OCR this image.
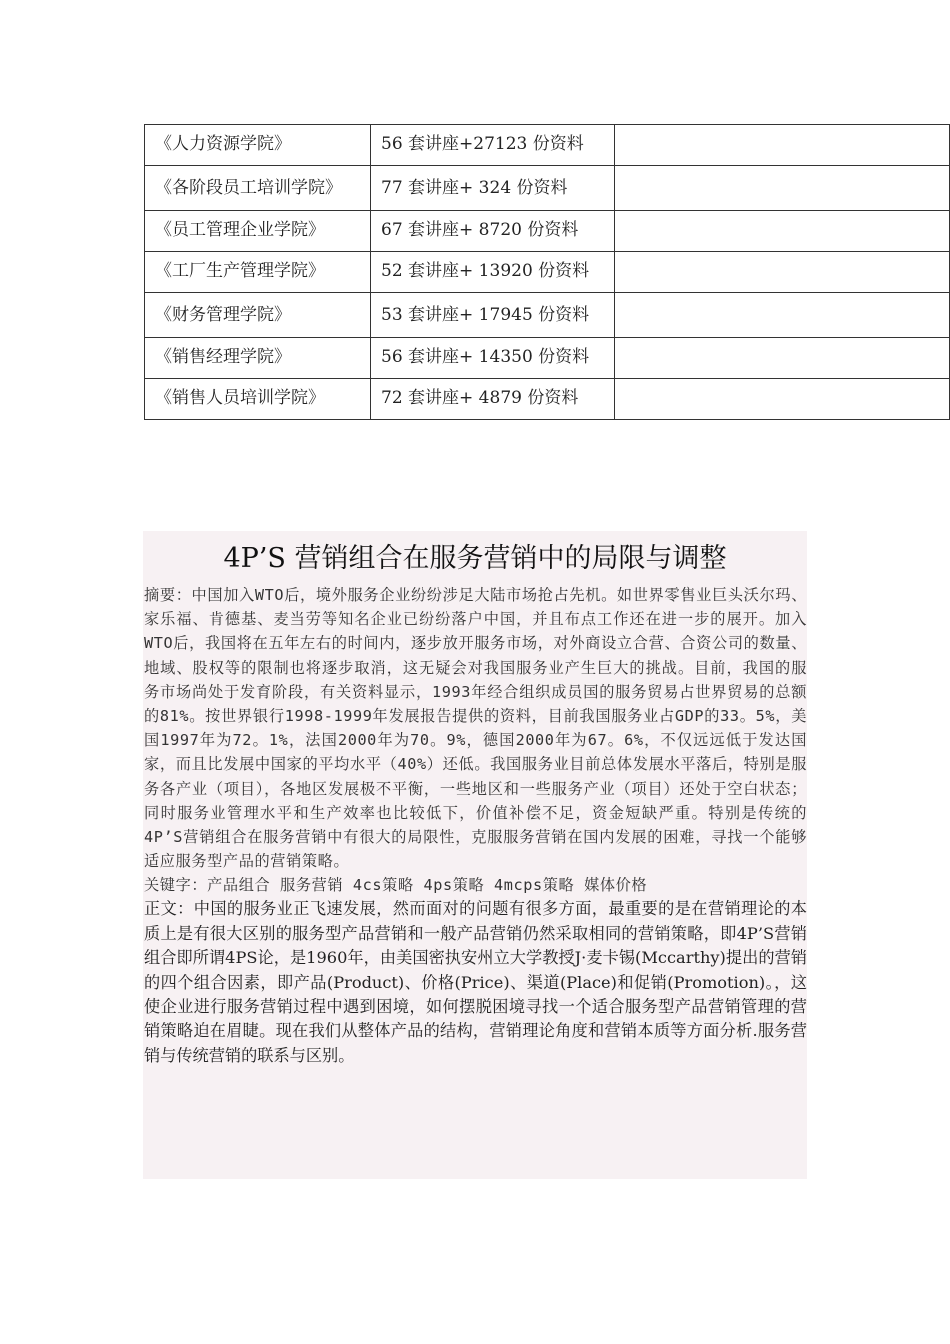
《人力资源学院》	56 套讲座+27123 份资料	
《各阶段员工培训学院》	77 套讲座+ 324 份资料	
《员工管理企业学院》	67 套讲座+ 8720 份资料	
《工厂生产管理学院》	52 套讲座+ 13920 份资料	
《财务管理学院》	53 套讲座+ 17945 份资料	
《销售经理学院》	56 套讲座+ 14350 份资料	
《销售人员培训学院》	72 套讲座+ 4879 份资料	
4P’S 营销组合在服务营销中的局限与调整

摘要：中国加入WTO后，境外服务企业纷纷涉足大陆市场抢占先机。如世界零售业巨头沃尔玛、家乐福、肯德基、麦当劳等知名企业已纷纷落户中国，并且布点工作还在进一步的展开。加入WTO后，我国将在五年左右的时间内，逐步放开服务市场，对外商设立合营、合资公司的数量、地域、股权等的限制也将逐步取消，这无疑会对我国服务业产生巨大的挑战。目前，我国的服务市场尚处于发育阶段，有关资料显示，1993年经合组织成员国的服务贸易占世界贸易的总额的81%。按世界银行1998-1999年发展报告提供的资料，目前我国服务业占GDP的33。5%，美国1997年为72。1%，法国2000年为70。9%，德国2000年为67。6%，不仅远远低于发达国家，而且比发展中国家的平均水平（40%）还低。我国服务业目前总体发展水平落后，特别是服务各产业（项目），各地区发展极不平衡，一些地区和一些服务产业（项目）还处于空白状态；同时服务业管理水平和生产效率也比较低下，价值补偿不足，资金短缺严重。特别是传统的4P’S营销组合在服务营销中有很大的局限性，克服服务营销在国内发展的困难，寻找一个能够适应服务型产品的营销策略。

关键字：产品组合 服务营销 4cs策略 4ps策略 4mcps策略 媒体价格

正文：中国的服务业正飞速发展，然而面对的问题有很多方面，最重要的是在营销理论的本质上是有很大区别的服务型产品营销和一般产品营销仍然采取相同的营销策略，即4P’S营销组合即所谓4PS论，是1960年，由美国密执安州立大学教授J·麦卡锡(Mccarthy)提出的营销的四个组合因素，即产品(Product)、价格(Price)、渠道(Place)和促销(Promotion)。，这使企业进行服务营销过程中遇到困境，如何摆脱困境寻找一个适合服务型产品营销管理的营销策略迫在眉睫。现在我们从整体产品的结构，营销理论角度和营销本质等方面分析.服务营销与传统营销的联系与区别。
